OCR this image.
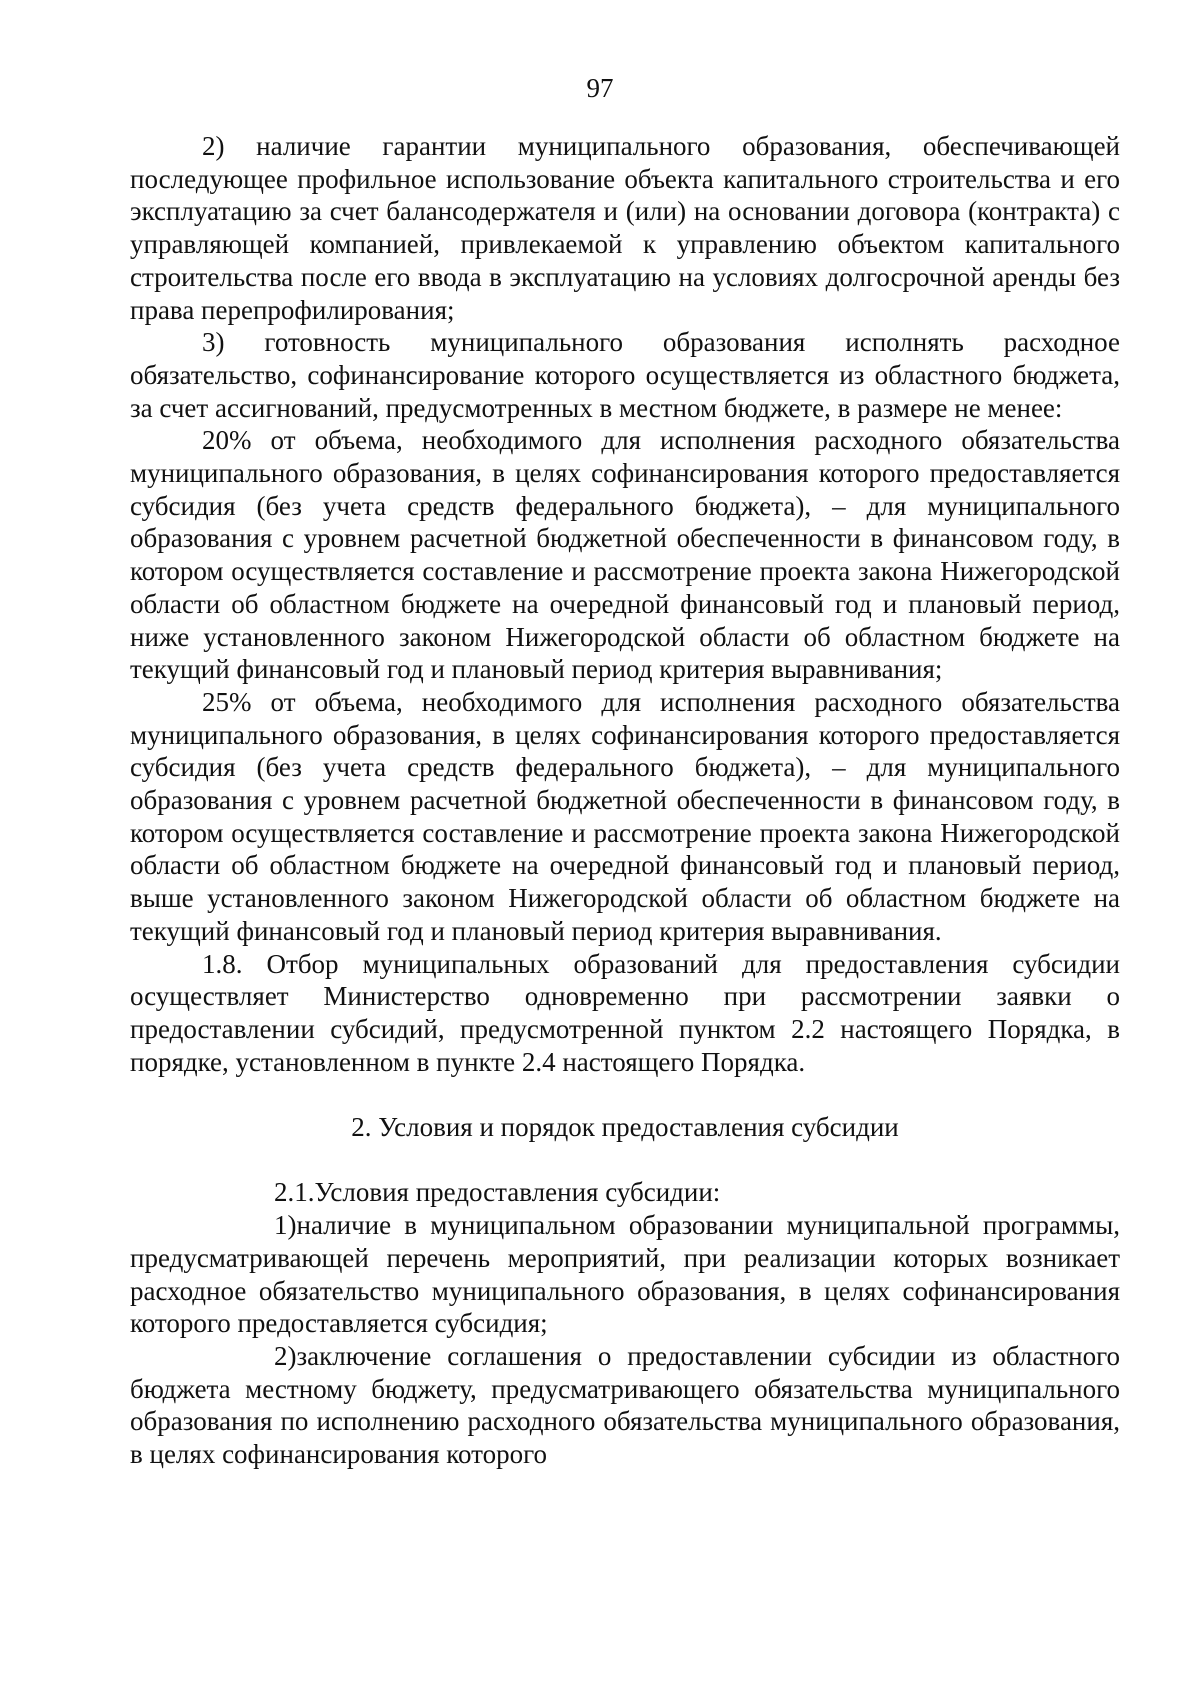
97

2) наличие гарантии муниципального образования, обеспечивающей последующее профильное использование объекта капитального строительства и его эксплуатацию за счет балансодержателя и (или) на основании договора (контракта) с управляющей компанией, привлекаемой к управлению объектом капитального строительства после его ввода в эксплуатацию на условиях долгосрочной аренды без права перепрофилирования;

3) готовность муниципального образования исполнять расходное обязательство, софинансирование которого осуществляется из областного бюджета, за счет ассигнований, предусмотренных в местном бюджете, в размере не менее:

20% от объема, необходимого для исполнения расходного обязательства муниципального образования, в целях софинансирования которого предоставляется субсидия (без учета средств федерального бюджета), – для муниципального образования с уровнем расчетной бюджетной обеспеченности в финансовом году, в котором осуществляется составление и рассмотрение проекта закона Нижегородской области об областном бюджете на очередной финансовый год и плановый период, ниже установленного законом Нижегородской области об областном бюджете на текущий финансовый год и плановый период критерия выравнивания;

25% от объема, необходимого для исполнения расходного обязательства муниципального образования, в целях софинансирования которого предоставляется субсидия (без учета средств федерального бюджета), – для муниципального образования с уровнем расчетной бюджетной обеспеченности в финансовом году, в котором осуществляется составление и рассмотрение проекта закона Нижегородской области об областном бюджете на очередной финансовый год и плановый период, выше установленного законом Нижегородской области об областном бюджете на текущий финансовый год и плановый период критерия выравнивания.

1.8. Отбор муниципальных образований для предоставления субсидии осуществляет Министерство одновременно при рассмотрении заявки о предоставлении субсидий, предусмотренной пунктом 2.2 настоящего Порядка, в порядке, установленном в пункте 2.4 настоящего Порядка.

2. Условия и порядок предоставления субсидии

2.1.Условия предоставления субсидии:

1)наличие в муниципальном образовании муниципальной программы, предусматривающей перечень мероприятий, при реализации которых возникает расходное обязательство муниципального образования, в целях софинансирования которого предоставляется субсидия;

2)заключение соглашения о предоставлении субсидии из областного бюджета местному бюджету, предусматривающего обязательства муниципального образования по исполнению расходного обязательства муниципального образования, в целях софинансирования которого
